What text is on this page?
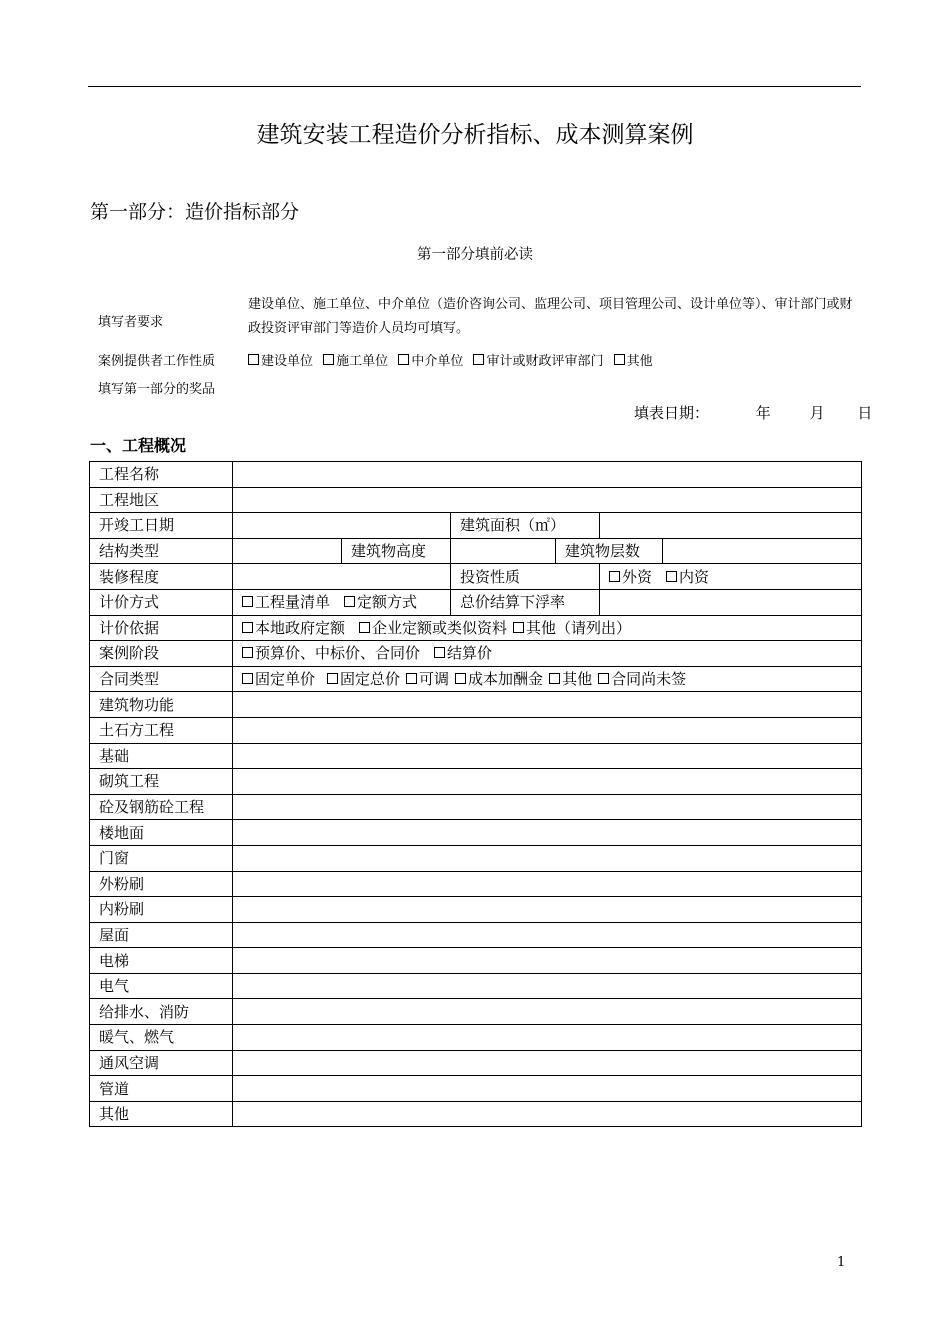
建筑安装工程造价分析指标、成本测算案例
第一部分：造价指标部分
第一部分填前必读
填写者要求
建设单位、施工单位、中介单位（造价咨询公司、监理公司、项目管理公司、设计单位等）、审计部门或财政投资评审部门等造价人员均可填写。
案例提供者工作性质	建设单位 施工单位 中介单位 审计或财政评审部门 其他
填写第一部分的奖品
填表日期：	年	月 日
一、工程概况
工程名称						
工程地区						
开竣工日期			建筑面积（㎡）			
结构类型		建筑物高度		建筑物层数		
装修程度			投资性质		外资 内资	
计价方式	工程量清单 定额方式		总价结算下浮率			
计价依据	本地政府定额 企业定额或类似资料 其他（请列出）					
案例阶段	预算价、中标价、合同价 结算价					
合同类型	固定单价 固定总价 可调 成本加酬金 其他 合同尚未签					
建筑物功能						
土石方工程						
基础						
砌筑工程						
砼及钢筋砼工程						
楼地面						
门窗						
外粉刷						
内粉刷						
屋面						
电梯						
电气						
给排水、消防						
暖气、燃气						
通风空调						
管道						
其他						
1
